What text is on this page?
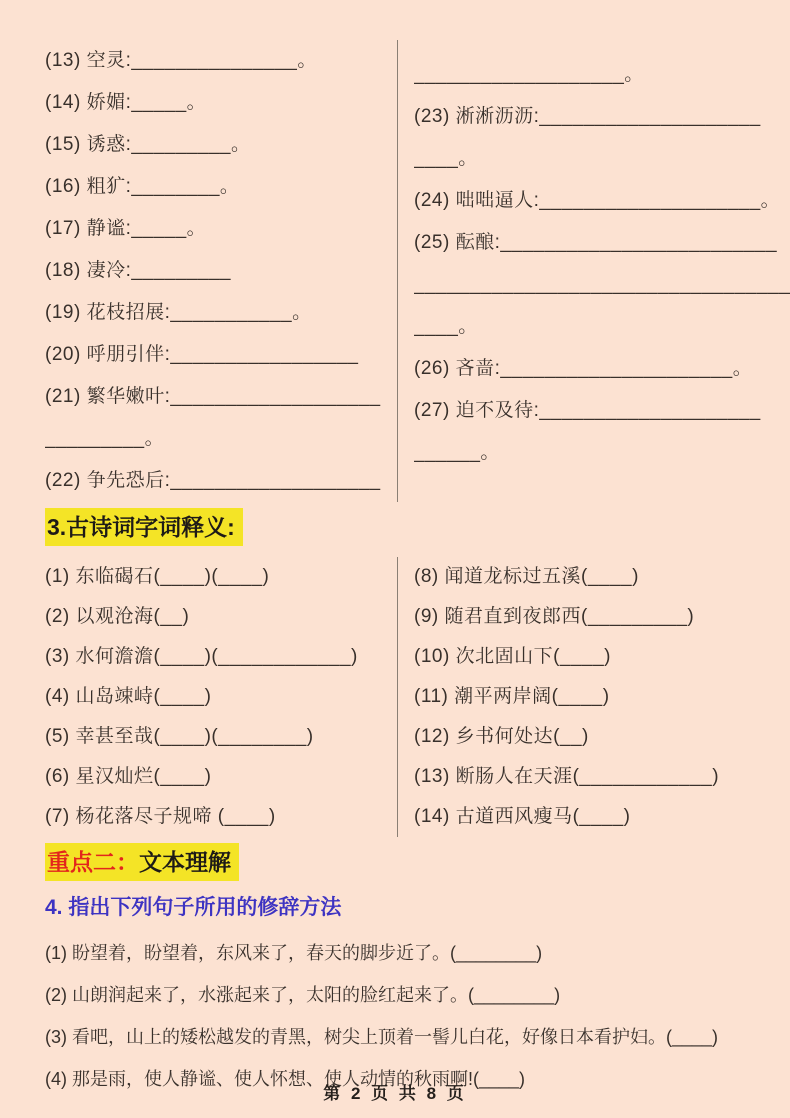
(13) 空灵:_______________。
(14) 娇媚:_____。
(15) 诱惑:_________。
(16) 粗犷:________。
(17) 静谧:_____。
(18) 凄冷:_________
(19) 花枝招展:___________。
(20) 呼朋引伴:_________________
(21) 繁华嫩叶:___________________
_________。
(22) 争先恐后:___________________
___________________。
(23) 淅淅沥沥:____________________
____。
(24) 咄咄逼人:____________________。
(25) 酝酿:_________________________
__________________________________
____。
(26) 吝啬:_____________________。
(27) 迫不及待:____________________
______。
3.古诗词字词释义:
(1) 东临碣石(____)(____)
(2) 以观沧海(__)
(3) 水何澹澹(____)(____________)
(4) 山岛竦峙(____)
(5) 幸甚至哉(____)(________)
(6) 星汉灿烂(____)
(7) 杨花落尽子规啼 (____)
(8) 闻道龙标过五溪(____)
(9) 随君直到夜郎西(_________)
(10) 次北固山下(____)
(11) 潮平两岸阔(____)
(12) 乡书何处达(__)
(13) 断肠人在天涯(____________)
(14) 古道西风瘦马(____)
重点二：文本理解
4. 指出下列句子所用的修辞方法
(1) 盼望着，盼望着，东风来了，春天的脚步近了。(________)
(2) 山朗润起来了，水涨起来了，太阳的脸红起来了。(________)
(3) 看吧，山上的矮松越发的青黑，树尖上顶着一髻儿白花，好像日本看护妇。(____)
(4) 那是雨，使人静谧、使人怀想、使人动情的秋雨啊!(____)
第 2 页 共 8 页
